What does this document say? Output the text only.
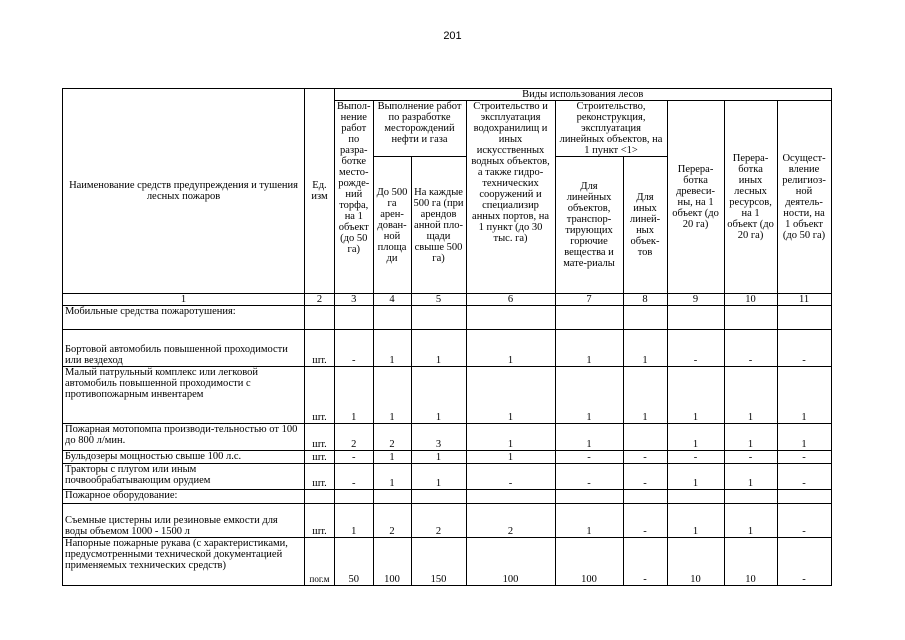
201
Наименование средств предупреждения и тушения лесных пожаров	Ед. изм	Виды использования лесов								
		Выпол-нение работ по разра-ботке место-рожде-ний торфа, на 1 объект (до 50 га)	Выполнение работ по разработке месторождений нефти и газа		Строительство и эксплуатация водохранилищ и иных искусственных водных объектов, а также гидро-технических сооружений и специализир анных портов, на 1 пункт (до 30 тыс. га)	Строительство, реконструкция, эксплуатация линейных объектов, на 1 пункт <1>		Перера-ботка древеси-ны, на 1 объект (до 20 га)	Перера-ботка иных лесных ресурсов, на 1 объект (до 20 га)	Осущест-вление религиоз-ной деятель-ности, на 1 объект (до 50 га)
			До 500 га арен-дован-ной площа ди	На каждые 500 га (при арендов анной пло-щади свыше 500 га)		Для линейных объектов, транспор-тирующих горючие вещества и мате-риалы	Для иных линей-ных объек-тов			
1	2	3	4	5	6	7	8	9	10	11
Мобильные средства пожаротушения:										
Бортовой автомобиль повышенной проходимости или вездеход	шт.	-	1	1	1	1	1	-	-	-
Малый патрульный комплекс или легковой автомобиль повышенной проходимости с противопожарным инвентарем	шт.	1	1	1	1	1	1	1	1	1
Пожарная мотопомпа производи-тельностью от 100 до 800 л/мин.	шт.	2	2	3	1	1		1	1	1
Бульдозеры мощностью свыше 100 л.с.	шт.	-	1	1	1	-	-	-	-	-
Тракторы с плугом или иным почвообрабатывающим орудием	шт.	-	1	1	-	-	-	1	1	-
Пожарное оборудование:										
Съемные цистерны или резиновые емкости для воды объемом 1000 - 1500 л	шт.	1	2	2	2	1	-	1	1	-
Напорные пожарные рукава (с характеристиками, предусмотренными технической документацией применяемых технических средств)	пог.м	50	100	150	100	100	-	10	10	-
